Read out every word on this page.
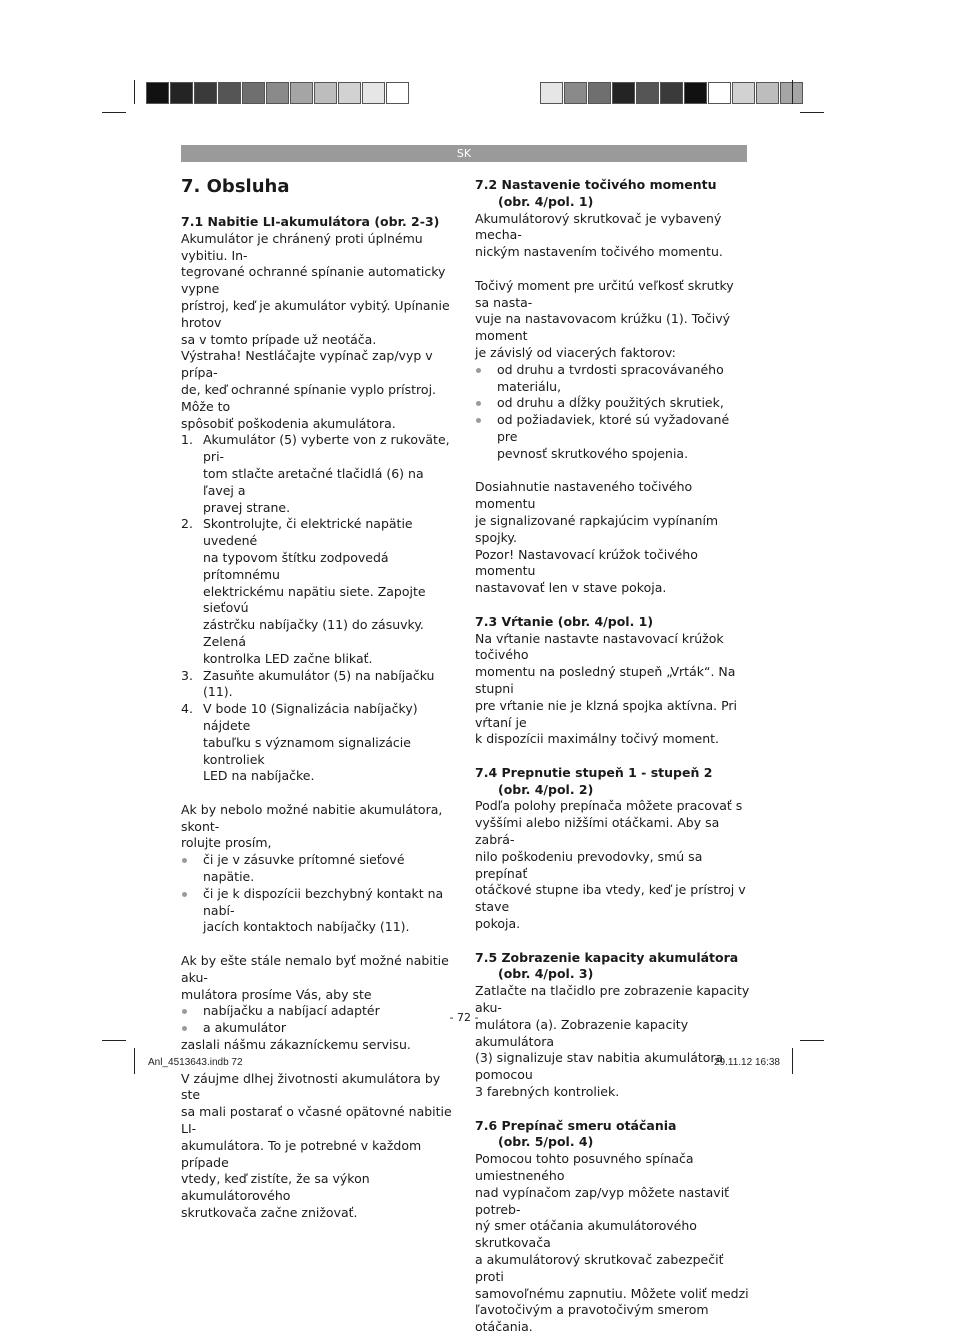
SK

7. Obsluha

7.1 Nabitie LI-akumulátora (obr. 2-3)

Akumulátor je chránený proti úplnému vybitiu. In-
tegrované ochranné spínanie automaticky vypne
prístroj, keď je akumulátor vybitý. Upínanie hrotov
sa v tomto prípade už neotáča.
Výstraha! Nestláčajte vypínač zap/vyp v prípa-
de, keď ochranné spínanie vyplo prístroj. Môže to
spôsobiť poškodenia akumulátora.
1. Akumulátor (5) vyberte von z rukoväte, pri-
tom stlačte aretačné tlačidlá (6) na ľavej a
pravej strane.
2. Skontrolujte, či elektrické napätie uvedené
na typovom štítku zodpovedá prítomnému
elektrickému napätiu siete. Zapojte sieťovú
zástrčku nabíjačky (11) do zásuvky. Zelená
kontrolka LED začne blikať.
3. Zasuňte akumulátor (5) na nabíjačku (11).
4. V bode 10 (Signalizácia nabíjačky) nájdete
tabuľku s významom signalizácie kontroliek
LED na nabíjačke.
Ak by nebolo možné nabitie akumulátora, skont-
rolujte prosím,
či je v zásuvke prítomné sieťové napätie.
či je k dispozícii bezchybný kontakt na nabí-
jacích kontaktoch nabíjačky (11).
Ak by ešte stále nemalo byť možné nabitie aku-
mulátora prosíme Vás, aby ste
nabíjačku a nabíjací adaptér
a akumulátor
zaslali nášmu zákazníckemu servisu.
V záujme dlhej životnosti akumulátora by ste
sa mali postarať o včasné opätovné nabitie LI-
akumulátora. To je potrebné v každom prípade
vtedy, keď zistíte, že sa výkon akumulátorového
skrutkovača začne znižovať.
7.2 Nastavenie točivého momentu
(obr. 4/pol. 1)
Akumulátorový skrutkovač je vybavený mecha-
nickým nastavením točivého momentu.
Točivý moment pre určitú veľkosť skrutky sa nasta-
vuje na nastavovacom krúžku (1). Točivý moment
je závislý od viacerých faktorov:
od druhu a tvrdosti spracovávaného
materiálu,
od druhu a dĺžky použitých skrutiek,
od požiadaviek, ktoré sú vyžadované pre
pevnosť skrutkového spojenia.
Dosiahnutie nastaveného točivého momentu
je signalizované rapkajúcim vypínaním spojky.
Pozor! Nastavovací krúžok točivého momentu
nastavovať len v stave pokoja.
7.3 Vŕtanie (obr. 4/pol. 1)
Na vŕtanie nastavte nastavovací krúžok točivého
momentu na posledný stupeň „Vrták“. Na stupni
pre vŕtanie nie je klzná spojka aktívna. Pri vŕtaní je
k dispozícii maximálny točivý moment.
7.4 Prepnutie stupeň 1 - stupeň 2
(obr. 4/pol. 2)
Podľa polohy prepínača môžete pracovať s
vyššími alebo nižšími otáčkami. Aby sa zabrá-
nilo poškodeniu prevodovky, smú sa prepínať
otáčkové stupne iba vtedy, keď je prístroj v stave
pokoja.
7.5 Zobrazenie kapacity akumulátora
(obr. 4/pol. 3)
Zatlačte na tlačidlo pre zobrazenie kapacity aku-
mulátora (a). Zobrazenie kapacity akumulátora
(3) signalizuje stav nabitia akumulátora pomocou
3 farebných kontroliek.
7.6 Prepínač smeru otáčania
(obr. 5/pol. 4)
Pomocou tohto posuvného spínača umiestneného
nad vypínačom zap/vyp môžete nastaviť potreb-
ný smer otáčania akumulátorového skrutkovača
a akumulátorový skrutkovač zabezpečiť proti
samovoľnému zapnutiu. Môžete voliť medzi
ľavotočivým a pravotočivým smerom otáčania.
- 72 -
Anl_4513643.indb 72	29.11.12 16:38
